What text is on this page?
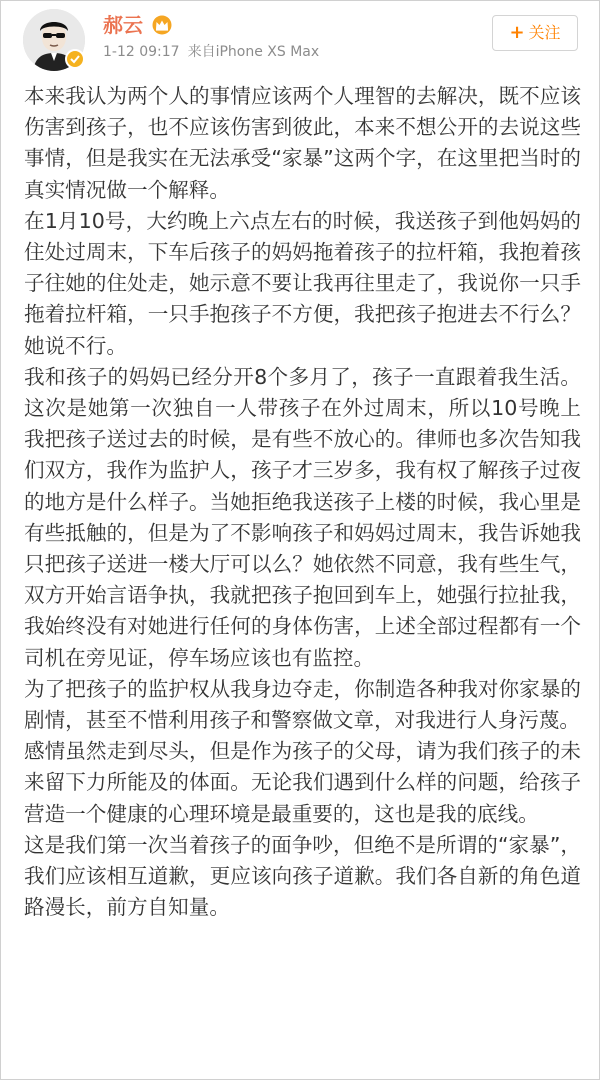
郝云
1-12 09:17 来自iPhone XS Max
+ 关注

本来我认为两个人的事情应该两个人理智的去解决，既不应该伤害到孩子，也不应该伤害到彼此，本来不想公开的去说这些事情，但是我实在无法承受“家暴”这两个字，在这里把当时的真实情况做一个解释。

在1月10号，大约晚上六点左右的时候，我送孩子到他妈妈的住处过周末，下车后孩子的妈妈拖着孩子的拉杆箱，我抱着孩子往她的住处走，她示意不要让我再往里走了，我说你一只手拖着拉杆箱，一只手抱孩子不方便，我把孩子抱进去不行么？她说不行。

我和孩子的妈妈已经分开8个多月了，孩子一直跟着我生活。这次是她第一次独自一人带孩子在外过周末，所以10号晚上我把孩子送过去的时候，是有些不放心的。律师也多次告知我们双方，我作为监护人，孩子才三岁多，我有权了解孩子过夜的地方是什么样子。当她拒绝我送孩子上楼的时候，我心里是有些抵触的，但是为了不影响孩子和妈妈过周末，我告诉她我只把孩子送进一楼大厅可以么？她依然不同意，我有些生气，双方开始言语争执，我就把孩子抱回到车上，她强行拉扯我，我始终没有对她进行任何的身体伤害，上述全部过程都有一个司机在旁见证，停车场应该也有监控。

为了把孩子的监护权从我身边夺走，你制造各种我对你家暴的剧情，甚至不惜利用孩子和警察做文章，对我进行人身污蔑。

感情虽然走到尽头，但是作为孩子的父母，请为我们孩子的未来留下力所能及的体面。无论我们遇到什么样的问题，给孩子营造一个健康的心理环境是最重要的，这也是我的底线。

这是我们第一次当着孩子的面争吵，但绝不是所谓的“家暴”，我们应该相互道歉，更应该向孩子道歉。我们各自新的角色道路漫长，前方自知量。
